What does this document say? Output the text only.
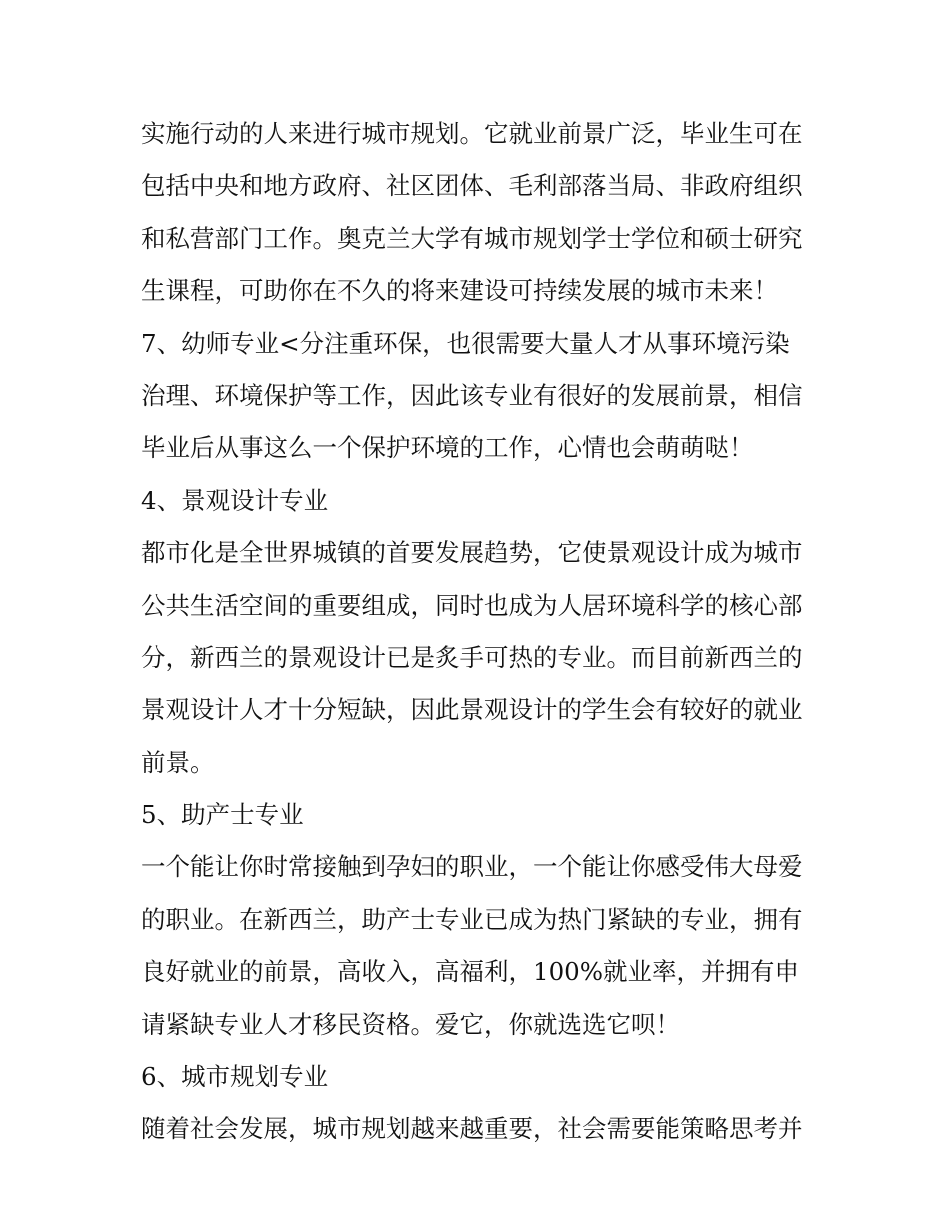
实施行动的人来进行城市规划。它就业前景广泛，毕业生可在
包括中央和地方政府、社区团体、毛利部落当局、非政府组织
和私营部门工作。奥克兰大学有城市规划学士学位和硕士研究
生课程，可助你在不久的将来建设可持续发展的城市未来！
7、幼师专业<分注重环保，也很需要大量人才从事环境污染
治理、环境保护等工作，因此该专业有很好的发展前景，相信
毕业后从事这么一个保护环境的工作，心情也会萌萌哒！
4、景观设计专业
都市化是全世界城镇的首要发展趋势，它使景观设计成为城市
公共生活空间的重要组成，同时也成为人居环境科学的核心部
分，新西兰的景观设计已是炙手可热的专业。而目前新西兰的
景观设计人才十分短缺，因此景观设计的学生会有较好的就业
前景。
5、助产士专业
一个能让你时常接触到孕妇的职业，一个能让你感受伟大母爱
的职业。在新西兰，助产士专业已成为热门紧缺的专业，拥有
良好就业的前景，高收入，高福利，100%就业率，并拥有申
请紧缺专业人才移民资格。爱它，你就选选它呗！
6、城市规划专业
随着社会发展，城市规划越来越重要，社会需要能策略思考并
